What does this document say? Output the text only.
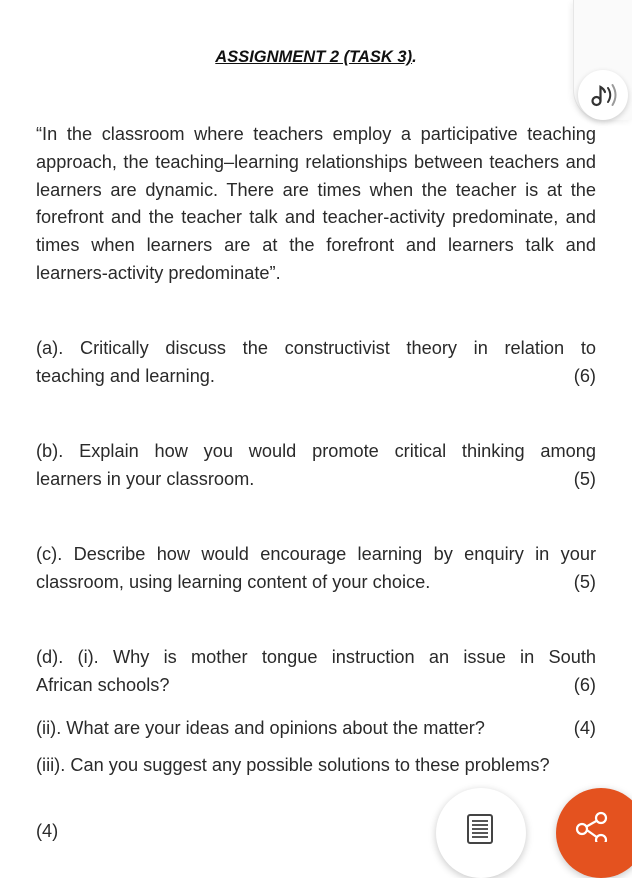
ASSIGNMENT 2 (TASK 3).
“In the classroom where teachers employ a participative teaching approach, the teaching–learning relationships between teachers and learners are dynamic. There are times when the teacher is at the forefront and the teacher talk and teacher-activity predominate, and times when learners are at the forefront and learners talk and learners-activity predominate”.
(a). Critically discuss the constructivist theory in relation to
teaching and learning.	(6)
(b). Explain how you would promote critical thinking among
learners in your classroom.	(5)
(c). Describe how would encourage learning by enquiry in your
classroom, using learning content of your choice.	(5)
(d). (i). Why is mother tongue instruction an issue in South
African schools?	(6)
(ii). What are your ideas and opinions about the matter?	(4)
(iii). Can you suggest any possible solutions to these problems?
(4)
